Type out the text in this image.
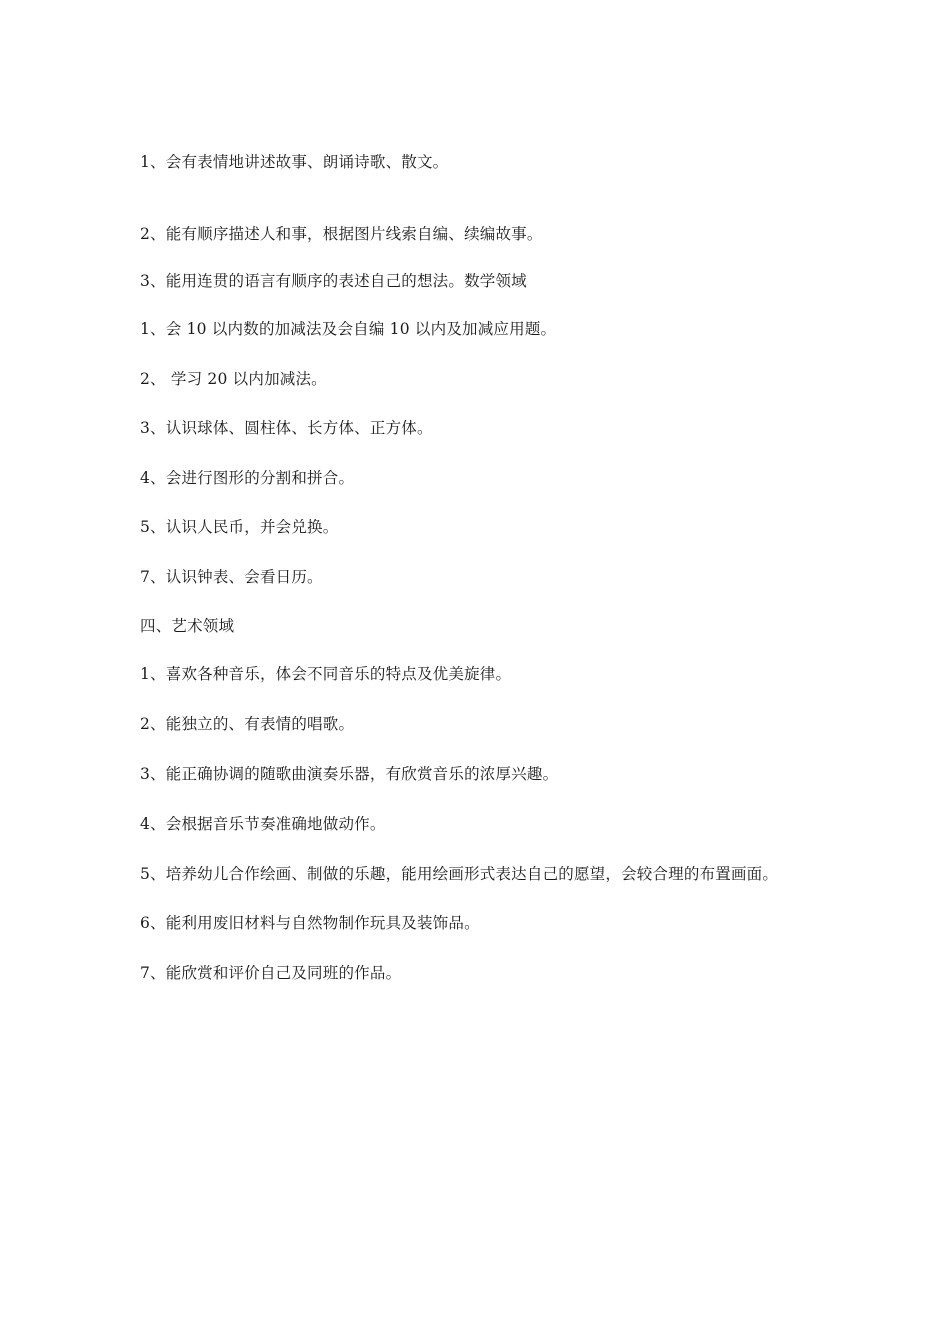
1、会有表情地讲述故事、朗诵诗歌、散文。
2、能有顺序描述人和事，根据图片线索自编、续编故事。
3、能用连贯的语言有顺序的表述自己的想法。数学领域
1、会 10 以内数的加减法及会自编 10 以内及加减应用题。
2、 学习 20 以内加减法。
3、认识球体、圆柱体、长方体、正方体。
4、会进行图形的分割和拼合。
5、认识人民币，并会兑换。
7、认识钟表、会看日历。
四、艺术领域
1、喜欢各种音乐，体会不同音乐的特点及优美旋律。
2、能独立的、有表情的唱歌。
3、能正确协调的随歌曲演奏乐器，有欣赏音乐的浓厚兴趣。
4、会根据音乐节奏准确地做动作。
5、培养幼儿合作绘画、制做的乐趣，能用绘画形式表达自己的愿望，会较合理的布置画面。
6、能利用废旧材料与自然物制作玩具及装饰品。
7、能欣赏和评价自己及同班的作品。
